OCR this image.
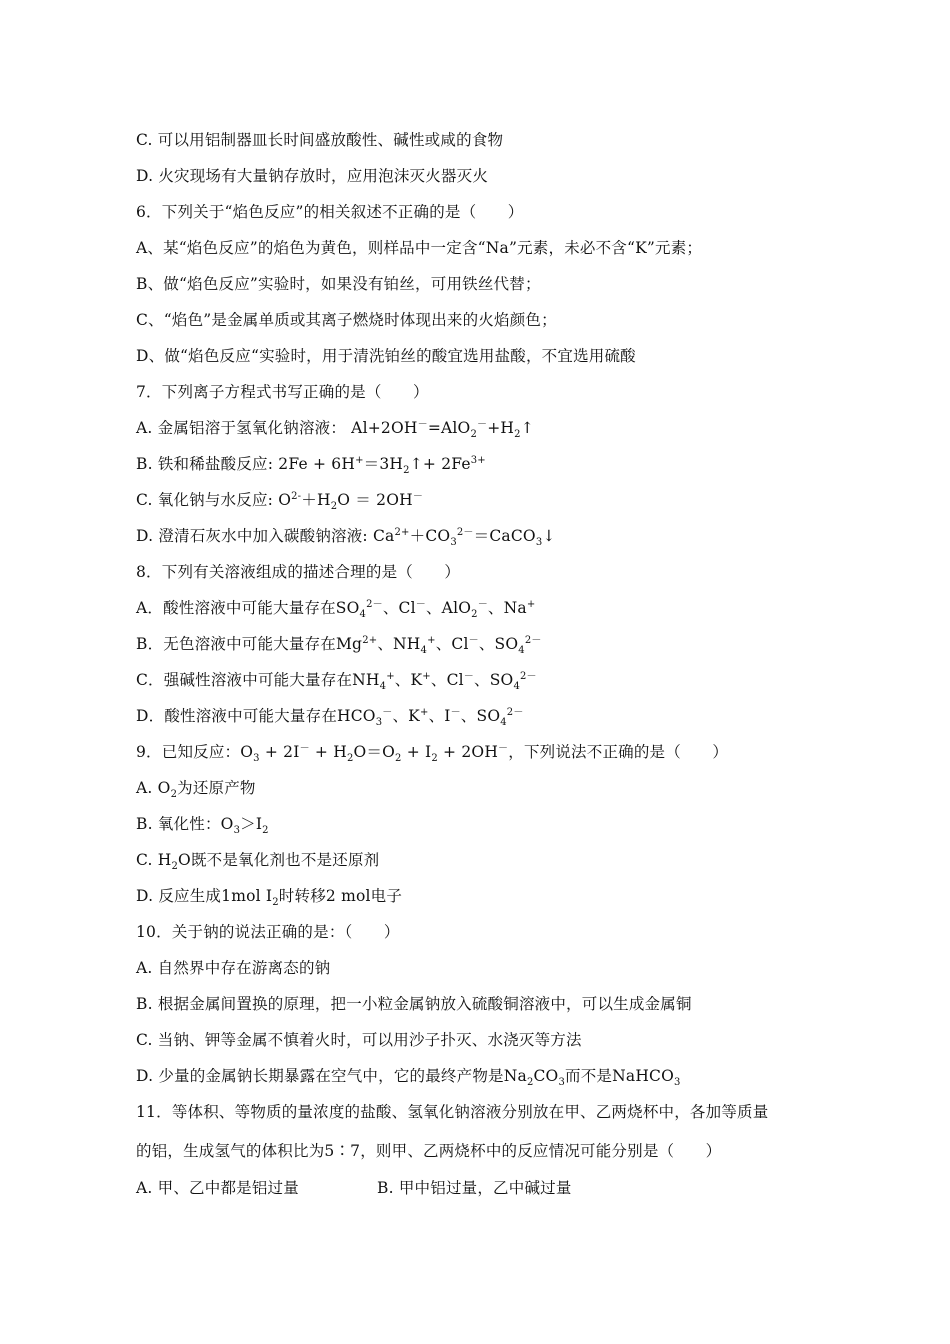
C. 可以用铝制器皿长时间盛放酸性、碱性或咸的食物
D. 火灾现场有大量钠存放时，应用泡沫灭火器灭火
6．下列关于“焰色反应”的相关叙述不正确的是（　　）
A、某“焰色反应”的焰色为黄色，则样品中一定含“Na”元素，未必不含“K”元素；
B、做“焰色反应”实验时，如果没有铂丝，可用铁丝代替；
C、“焰色”是金属单质或其离子燃烧时体现出来的火焰颜色；
D、做“焰色反应“实验时，用于清洗铂丝的酸宜选用盐酸，不宜选用硫酸
7．下列离子方程式书写正确的是（　　）
A. 金属铝溶于氢氧化钠溶液： $Al+2OH^-=AlO_2^-+H_2↑$
B. 铁和稀盐酸反应: $2Fe + 6H^+=3H_2↑+ 2Fe^{3+}$
C. 氧化钠与水反应: $O^{2-}+H_2O = 2OH^-$
D. 澄清石灰水中加入碳酸钠溶液: $Ca^{2+}+CO_3^{2-}=CaCO_3↓$
8．下列有关溶液组成的描述合理的是（　　）
A．酸性溶液中可能大量存在$SO_4^{2-}$、Cl－、AlO$_2$－、Na+
B．无色溶液中可能大量存在$Mg^{2+}$、$NH_4^+$、Cl－、$SO_4^{2-}$
C．强碱性溶液中可能大量存在$NH_4^+$、K+、Cl－、$SO_4^{2-}$
D．酸性溶液中可能大量存在$HCO_3^-$、K+、I－、$SO_4^{2-}$
9．已知反应：$O_3 + 2I^- + H_2O=O_2 + I_2 + 2OH^-$，下列说法不正确的是（　　）
A. $O_2$为还原产物
B. 氧化性：$O_3>I_2$
C. $H_2O$既不是氧化剂也不是还原剂
D. 反应生成1mol $I_2$时转移2 mol电子
10．关于钠的说法正确的是：（　　）
A. 自然界中存在游离态的钠
B. 根据金属间置换的原理，把一小粒金属钠放入硫酸铜溶液中，可以生成金属铜
C. 当钠、钾等金属不慎着火时，可以用沙子扑灭、水浇灭等方法
D. 少量的金属钠长期暴露在空气中，它的最终产物是$Na_2CO_3$而不是NaHCO$_3$
11．等体积、等物质的量浓度的盐酸、氢氧化钠溶液分别放在甲、乙两烧杯中，各加等质量
的铝，生成氢气的体积比为5∶7，则甲、乙两烧杯中的反应情况可能分别是（　　）
A. 甲、乙中都是铝过量	B. 甲中铝过量，乙中碱过量
